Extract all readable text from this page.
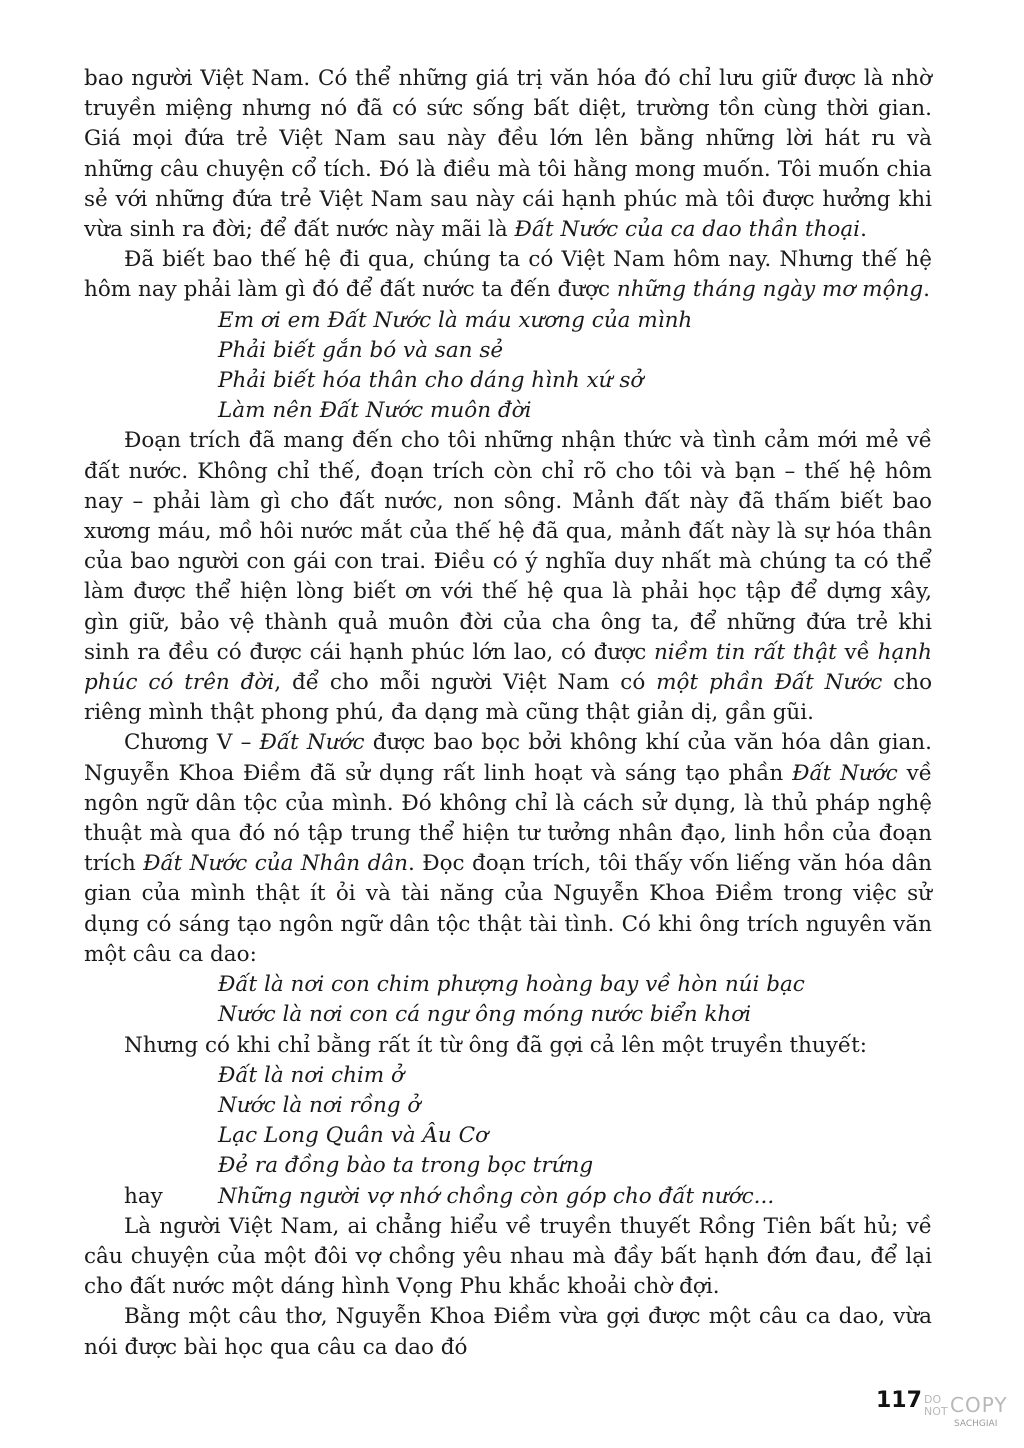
bao người Việt Nam. Có thể những giá trị văn hóa đó chỉ lưu giữ được là nhờ truyền miệng nhưng nó đã có sức sống bất diệt, trường tồn cùng thời gian. Giá mọi đứa trẻ Việt Nam sau này đều lớn lên bằng những lời hát ru và những câu chuyện cổ tích. Đó là điều mà tôi hằng mong muốn. Tôi muốn chia sẻ với những đứa trẻ Việt Nam sau này cái hạnh phúc mà tôi được hưởng khi vừa sinh ra đời; để đất nước này mãi là Đất Nước của ca dao thần thoại.

Đã biết bao thế hệ đi qua, chúng ta có Việt Nam hôm nay. Nhưng thế hệ hôm nay phải làm gì đó để đất nước ta đến được những tháng ngày mơ mộng.

Em ơi em Đất Nước là máu xương của mình
Phải biết gắn bó và san sẻ
Phải biết hóa thân cho dáng hình xứ sở
Làm nên Đất Nước muôn đời

Đoạn trích đã mang đến cho tôi những nhận thức và tình cảm mới mẻ về đất nước. Không chỉ thế, đoạn trích còn chỉ rõ cho tôi và bạn – thế hệ hôm nay – phải làm gì cho đất nước, non sông. Mảnh đất này đã thấm biết bao xương máu, mồ hôi nước mắt của thế hệ đã qua, mảnh đất này là sự hóa thân của bao người con gái con trai. Điều có ý nghĩa duy nhất mà chúng ta có thể làm được thể hiện lòng biết ơn với thế hệ qua là phải học tập để dựng xây, gìn giữ, bảo vệ thành quả muôn đời của cha ông ta, để những đứa trẻ khi sinh ra đều có được cái hạnh phúc lớn lao, có được niềm tin rất thật về hạnh phúc có trên đời, để cho mỗi người Việt Nam có một phần Đất Nước cho riêng mình thật phong phú, đa dạng mà cũng thật giản dị, gần gũi.

Chương V – Đất Nước được bao bọc bởi không khí của văn hóa dân gian. Nguyễn Khoa Điềm đã sử dụng rất linh hoạt và sáng tạo phần Đất Nước về ngôn ngữ dân tộc của mình. Đó không chỉ là cách sử dụng, là thủ pháp nghệ thuật mà qua đó nó tập trung thể hiện tư tưởng nhân đạo, linh hồn của đoạn trích Đất Nước của Nhân dân. Đọc đoạn trích, tôi thấy vốn liếng văn hóa dân gian của mình thật ít ỏi và tài năng của Nguyễn Khoa Điềm trong việc sử dụng có sáng tạo ngôn ngữ dân tộc thật tài tình. Có khi ông trích nguyên văn một câu ca dao:

Đất là nơi con chim phượng hoàng bay về hòn núi bạc
Nước là nơi con cá ngư ông móng nước biển khơi

Nhưng có khi chỉ bằng rất ít từ ông đã gợi cả lên một truyền thuyết:

Đất là nơi chim ở
Nước là nơi rồng ở
Lạc Long Quân và Âu Cơ
Đẻ ra đồng bào ta trong bọc trứng
hay	Những người vợ nhớ chồng còn góp cho đất nước...

Là người Việt Nam, ai chẳng hiểu về truyền thuyết Rồng Tiên bất hủ; về câu chuyện của một đôi vợ chồng yêu nhau mà đầy bất hạnh đớn đau, để lại cho đất nước một dáng hình Vọng Phu khắc khoải chờ đợi.

Bằng một câu thơ, Nguyễn Khoa Điềm vừa gợi được một câu ca dao, vừa nói được bài học qua câu ca dao đó

117 DO
NOT COPY
SACHGIAI
